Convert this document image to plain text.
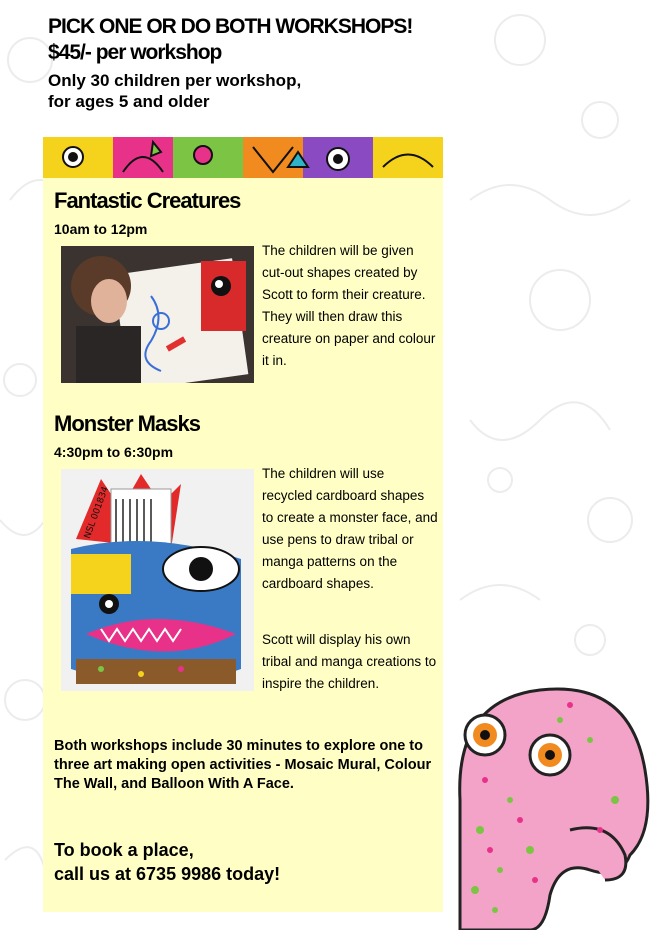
PICK ONE OR DO BOTH WORKSHOPS!

$45/- per workshop

Only 30 children per workshop,
for ages 5 and older

Fantastic Creatures

10am to 12pm

The children will be given cut-out shapes created by Scott to form their creature. They will then draw this creature on paper and colour it in.

Monster Masks

4:30pm to 6:30pm

NSL 001834

The children will use recycled cardboard shapes to create a monster face, and use pens to draw tribal or manga patterns on the cardboard shapes.

Scott will display his own tribal and manga creations to inspire the children.

Both workshops include 30 minutes to explore one to three art making open activities - Mosaic Mural, Colour The Wall, and Balloon With A Face.

To book a place,
call us at 6735 9986 today!
